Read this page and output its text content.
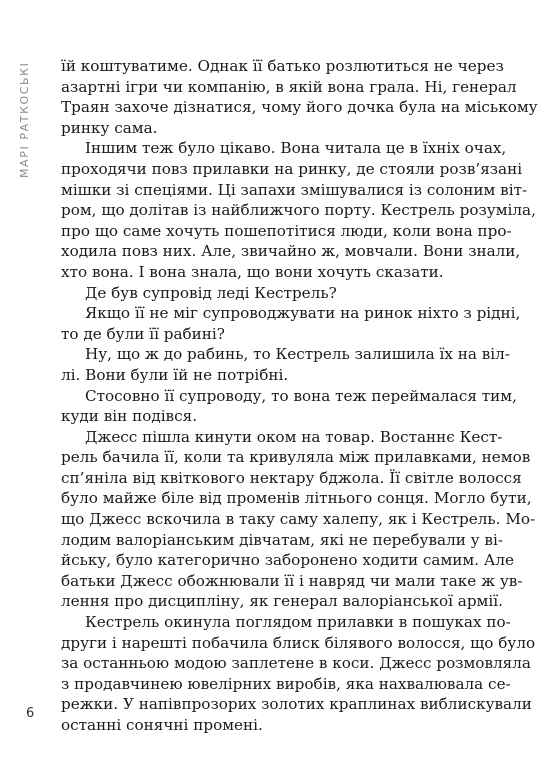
МАРІ РАТКОСЬКІ їй коштуватиме. Однак її батько розлютиться не через
азартні ігри чи компанію, в якій вона грала. Ні, генерал
Траян захоче дізнатися, чому його дочка була на міському
ринку сама.
Іншим теж було цікаво. Вона читала це в їхніх очах,
проходячи повз прилавки на ринку, де стояли розв’язані
мішки зі спеціями. Ці запахи змішувалися із солоним віт-
ром, що долітав із найближчого порту. Кестрель розуміла,
про що саме хочуть пошепотітися люди, коли вона про-
ходила повз них. Але, звичайно ж, мовчали. Вони знали,
хто вона. І вона знала, що вони хочуть сказати.
Де був супровід леді Кестрель?
Якщо її не міг супроводжувати на ринок ніхто з рідні,
то де були її рабині?
Ну, що ж до рабинь, то Кестрель залишила їх на віл-
лі. Вони були їй не потрібні.
Стосовно її супроводу, то вона теж переймалася тим,
куди він подівся.
Джесс пішла кинути оком на товар. Востаннє Кест-
рель бачила її, коли та кривуляла між прилавками, немов
сп’яніла від квіткового нектару бджола. Її світле волосся
було майже біле від променів літнього сонця. Могло бути,
що Джесс вскочила в таку саму халепу, як і Кестрель. Мо-
лодим валоріанським дівчатам, які не перебували у ві-
йську, було категорично заборонено ходити самим. Але
батьки Джесс обожнювали її і навряд чи мали таке ж ув-
лення про дисципліну, як генерал валоріанської армії.
Кестрель окинула поглядом прилавки в пошуках по-
други і нарешті побачила блиск білявого волосся, що було
за останньою модою заплетене в коси. Джесс розмовляла
з продавчинею ювелірних виробів, яка нахвалювала се-
режки. У напівпрозорих золотих краплинах виблискували
останні сонячні промені.
6
